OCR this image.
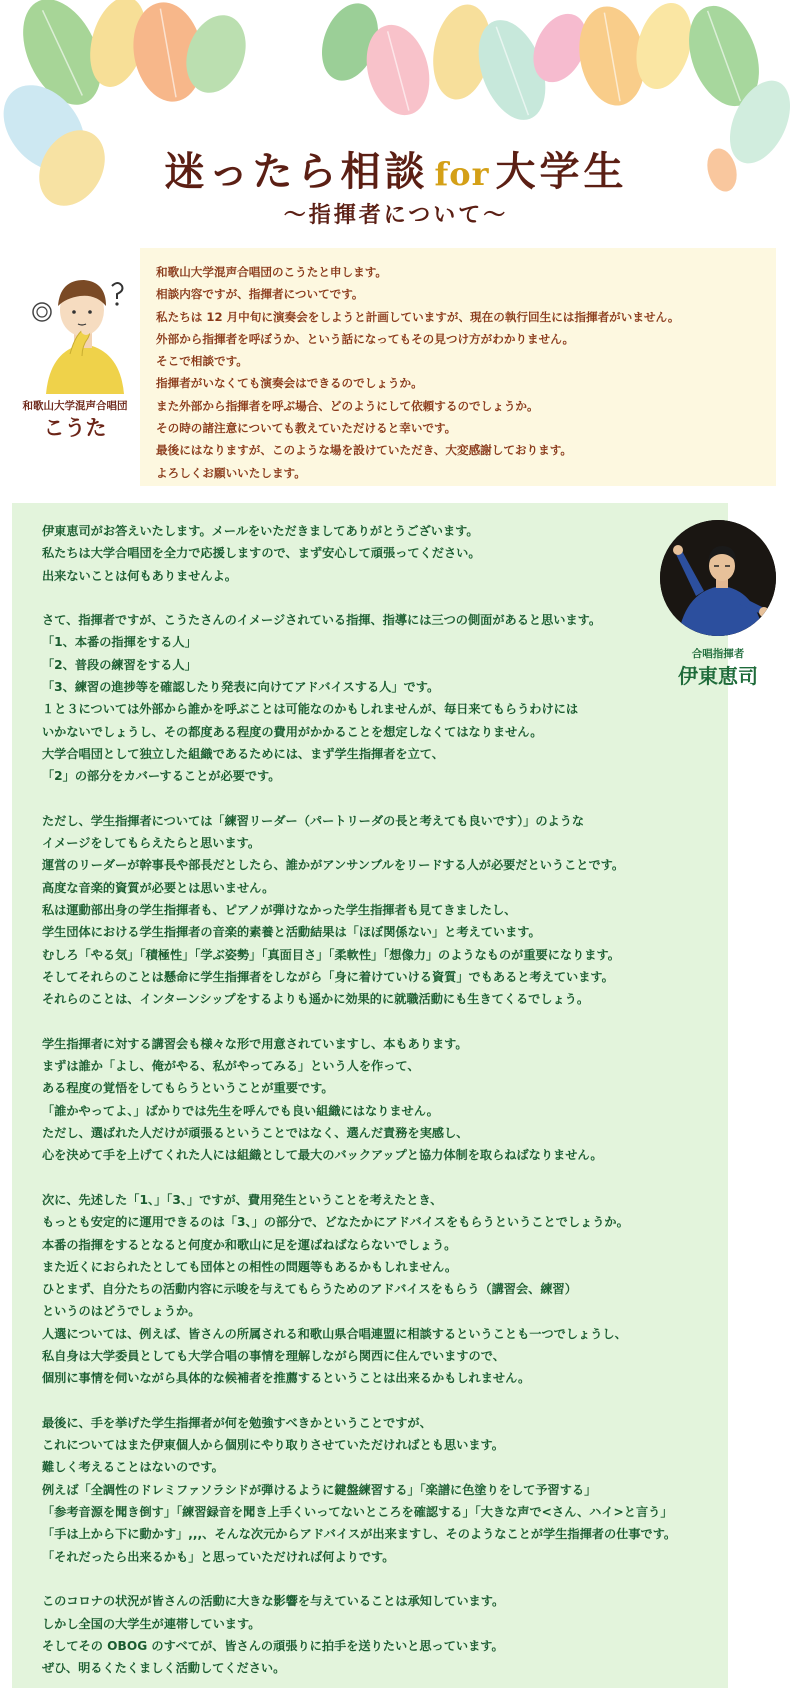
迷ったら相談 for 大学生
～指揮者について～
和歌山大学混声合唱団
こうた

和歌山大学混声合唱団のこうたと申します。

相談内容ですが、指揮者についてです。

私たちは 12 月中旬に演奏会をしようと計画していますが、現在の執行回生には指揮者がいません。

外部から指揮者を呼ぼうか、という話になってもその見つけ方がわかりません。

そこで相談です。

指揮者がいなくても演奏会はできるのでしょうか。

また外部から指揮者を呼ぶ場合、どのようにして依頼するのでしょうか。

その時の諸注意についても教えていただけると幸いです。

最後にはなりますが、このような場を設けていただき、大変感謝しております。

よろしくお願いいたします。

合唱指揮者
伊東恵司

伊東恵司がお答えいたします。メールをいただきましてありがとうございます。

私たちは大学合唱団を全力で応援しますので、まず安心して頑張ってください。

出来ないことは何もありませんよ。

さて、指揮者ですが、こうたさんのイメージされている指揮、指導には三つの側面があると思います。

「1、本番の指揮をする人」

「2、普段の練習をする人」

「3、練習の進捗等を確認したり発表に向けてアドバイスする人」です。

１と３については外部から誰かを呼ぶことは可能なのかもしれませんが、毎日来てもらうわけには

いかないでしょうし、その都度ある程度の費用がかかることを想定しなくてはなりません。

大学合唱団として独立した組織であるためには、まず学生指揮者を立て、

「2」の部分をカバーすることが必要です。

ただし、学生指揮者については「練習リーダー（パートリーダの長と考えても良いです）」のような

イメージをしてもらえたらと思います。

運営のリーダーが幹事長や部長だとしたら、誰かがアンサンブルをリードする人が必要だということです。

高度な音楽的資質が必要とは思いません。

私は運動部出身の学生指揮者も、ピアノが弾けなかった学生指揮者も見てきましたし、

学生団体における学生指揮者の音楽的素養と活動結果は「ほぼ関係ない」と考えています。

むしろ「やる気」「積極性」「学ぶ姿勢」「真面目さ」「柔軟性」「想像力」のようなものが重要になります。

そしてそれらのことは懸命に学生指揮者をしながら「身に着けていける資質」でもあると考えています。

それらのことは、インターンシップをするよりも遥かに効果的に就職活動にも生きてくるでしょう。

学生指揮者に対する講習会も様々な形で用意されていますし、本もあります。

まずは誰か「よし、俺がやる、私がやってみる」という人を作って、

ある程度の覚悟をしてもらうということが重要です。

「誰かやってよ、」ばかりでは先生を呼んでも良い組織にはなりません。

ただし、選ばれた人だけが頑張るということではなく、選んだ責務を実感し、

心を決めて手を上げてくれた人には組織として最大のバックアップと協力体制を取らねばなりません。

次に、先述した「1、」「3、」ですが、費用発生ということを考えたとき、

もっとも安定的に運用できるのは「3、」の部分で、どなたかにアドバイスをもらうということでしょうか。

本番の指揮をするとなると何度か和歌山に足を運ばねばならないでしょう。

また近くにおられたとしても団体との相性の問題等もあるかもしれません。

ひとまず、自分たちの活動内容に示唆を与えてもらうためのアドバイスをもらう（講習会、練習）

というのはどうでしょうか。

人選については、例えば、皆さんの所属される和歌山県合唱連盟に相談するということも一つでしょうし、

私自身は大学委員としても大学合唱の事情を理解しながら関西に住んでいますので、

個別に事情を伺いながら具体的な候補者を推薦するということは出来るかもしれません。

最後に、手を挙げた学生指揮者が何を勉強すべきかということですが、

これについてはまた伊東個人から個別にやり取りさせていただければとも思います。

難しく考えることはないのです。

例えば「全調性のドレミファソラシドが弾けるように鍵盤練習する」「楽譜に色塗りをして予習する」

「参考音源を聞き倒す」「練習録音を聞き上手くいってないところを確認する」「大きな声で<さん、ハイ>と言う」

「手は上から下に動かす」,,,、そんな次元からアドバイスが出来ますし、そのようなことが学生指揮者の仕事です。

「それだったら出来るかも」と思っていただければ何よりです。

このコロナの状況が皆さんの活動に大きな影響を与えていることは承知しています。

しかし全国の大学生が連帯しています。

そしてその OBOG のすべてが、皆さんの頑張りに拍手を送りたいと思っています。

ぜひ、明るくたくましく活動してください。
